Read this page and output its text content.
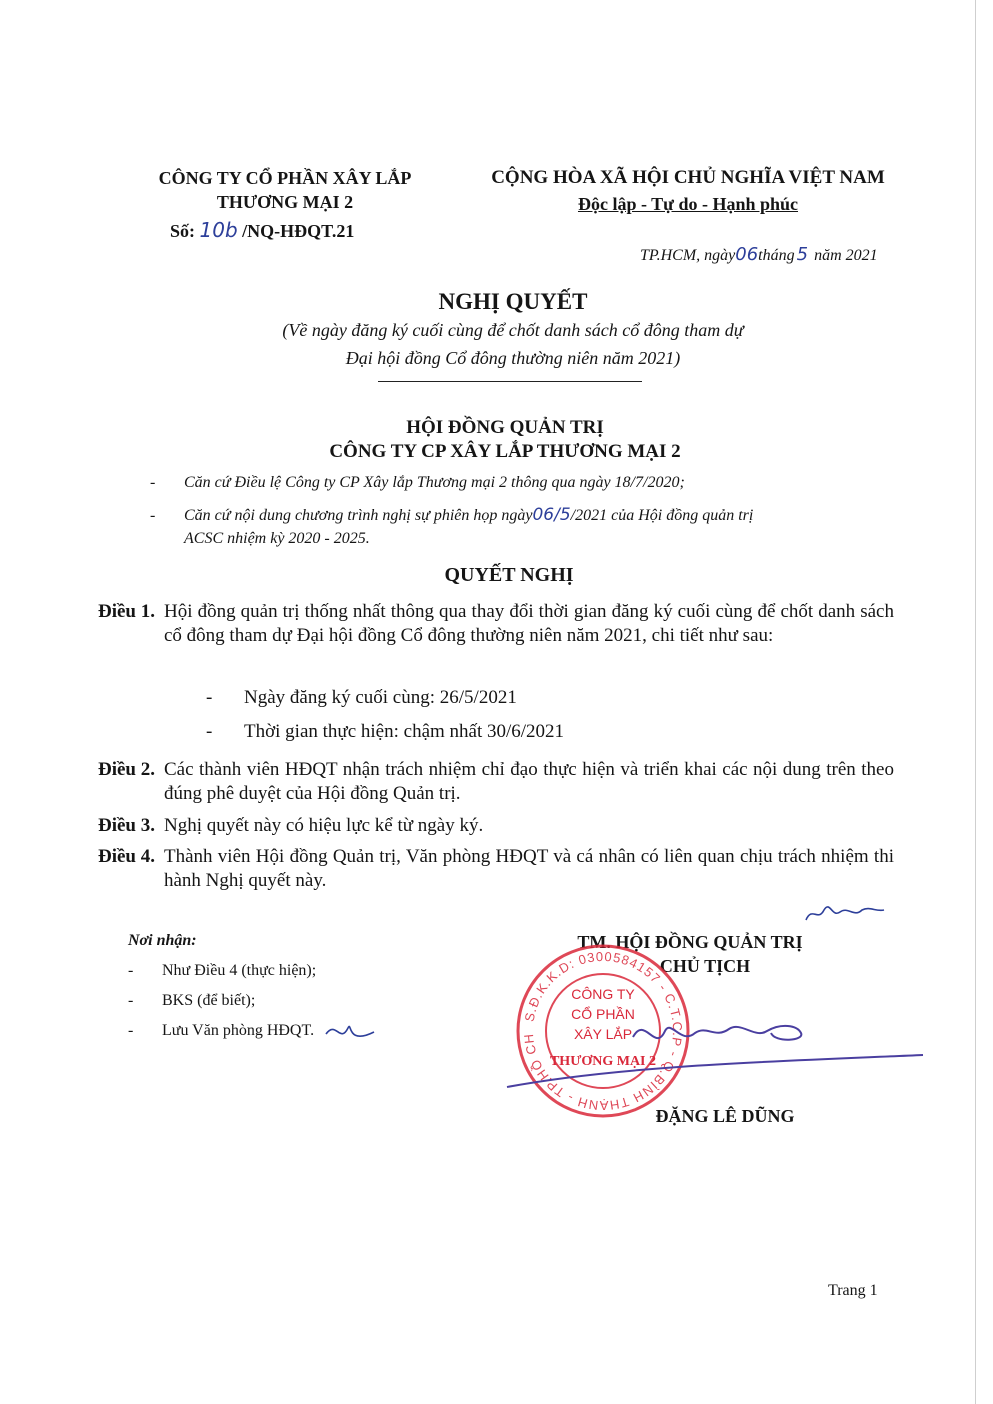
CÔNG TY CỔ PHẦN XÂY LẮP
THƯƠNG MẠI 2
Số: 10b /NQ-HĐQT.21
CỘNG HÒA XÃ HỘI CHỦ NGHĨA VIỆT NAM
Độc lập - Tự do - Hạnh phúc
TP.HCM, ngày06tháng 5 năm 2021
NGHỊ QUYẾT
(Về ngày đăng ký cuối cùng để chốt danh sách cổ đông tham dự
Đại hội đồng Cổ đông thường niên năm 2021)
HỘI ĐỒNG QUẢN TRỊ
CÔNG TY CP XÂY LẮP THƯƠNG MẠI 2
- Căn cứ Điều lệ Công ty CP Xây lắp Thương mại 2 thông qua ngày 18/7/2020;
- Căn cứ nội dung chương trình nghị sự phiên họp ngày06/5/2021 của Hội đồng quản trị
ACSC nhiệm kỳ 2020 - 2025.
QUYẾT NGHỊ
Điều 1. Hội đồng quản trị thống nhất thông qua thay đổi thời gian đăng ký cuối cùng để chốt danh sách cổ đông tham dự Đại hội đồng Cổ đông thường niên năm 2021, chi tiết như sau:
- Ngày đăng ký cuối cùng: 26/5/2021
- Thời gian thực hiện: chậm nhất 30/6/2021
Điều 2. Các thành viên HĐQT nhận trách nhiệm chỉ đạo thực hiện và triển khai các nội dung trên theo đúng phê duyệt của Hội đồng Quản trị.
Điều 3. Nghị quyết này có hiệu lực kể từ ngày ký.
Điều 4. Thành viên Hội đồng Quản trị, Văn phòng HĐQT và cá nhân có liên quan chịu trách nhiệm thi hành Nghị quyết này.
Nơi nhận:
- Như Điều 4 (thực hiện);
- BKS (để biết);
- Lưu Văn phòng HĐQT.
TM. HỘI ĐỒNG QUẢN TRỊ
CHỦ TỊCH
ĐẶNG LÊ DŨNG
S.Đ.K.K.D: 0300584157 - C.T.C.P - Q.BÌNH THẠNH - TP.HỒ CHÍ MINH
CÔNG TY
CỔ PHẦN
XÂY LẮP
THƯƠNG MẠI 2
Trang 1
